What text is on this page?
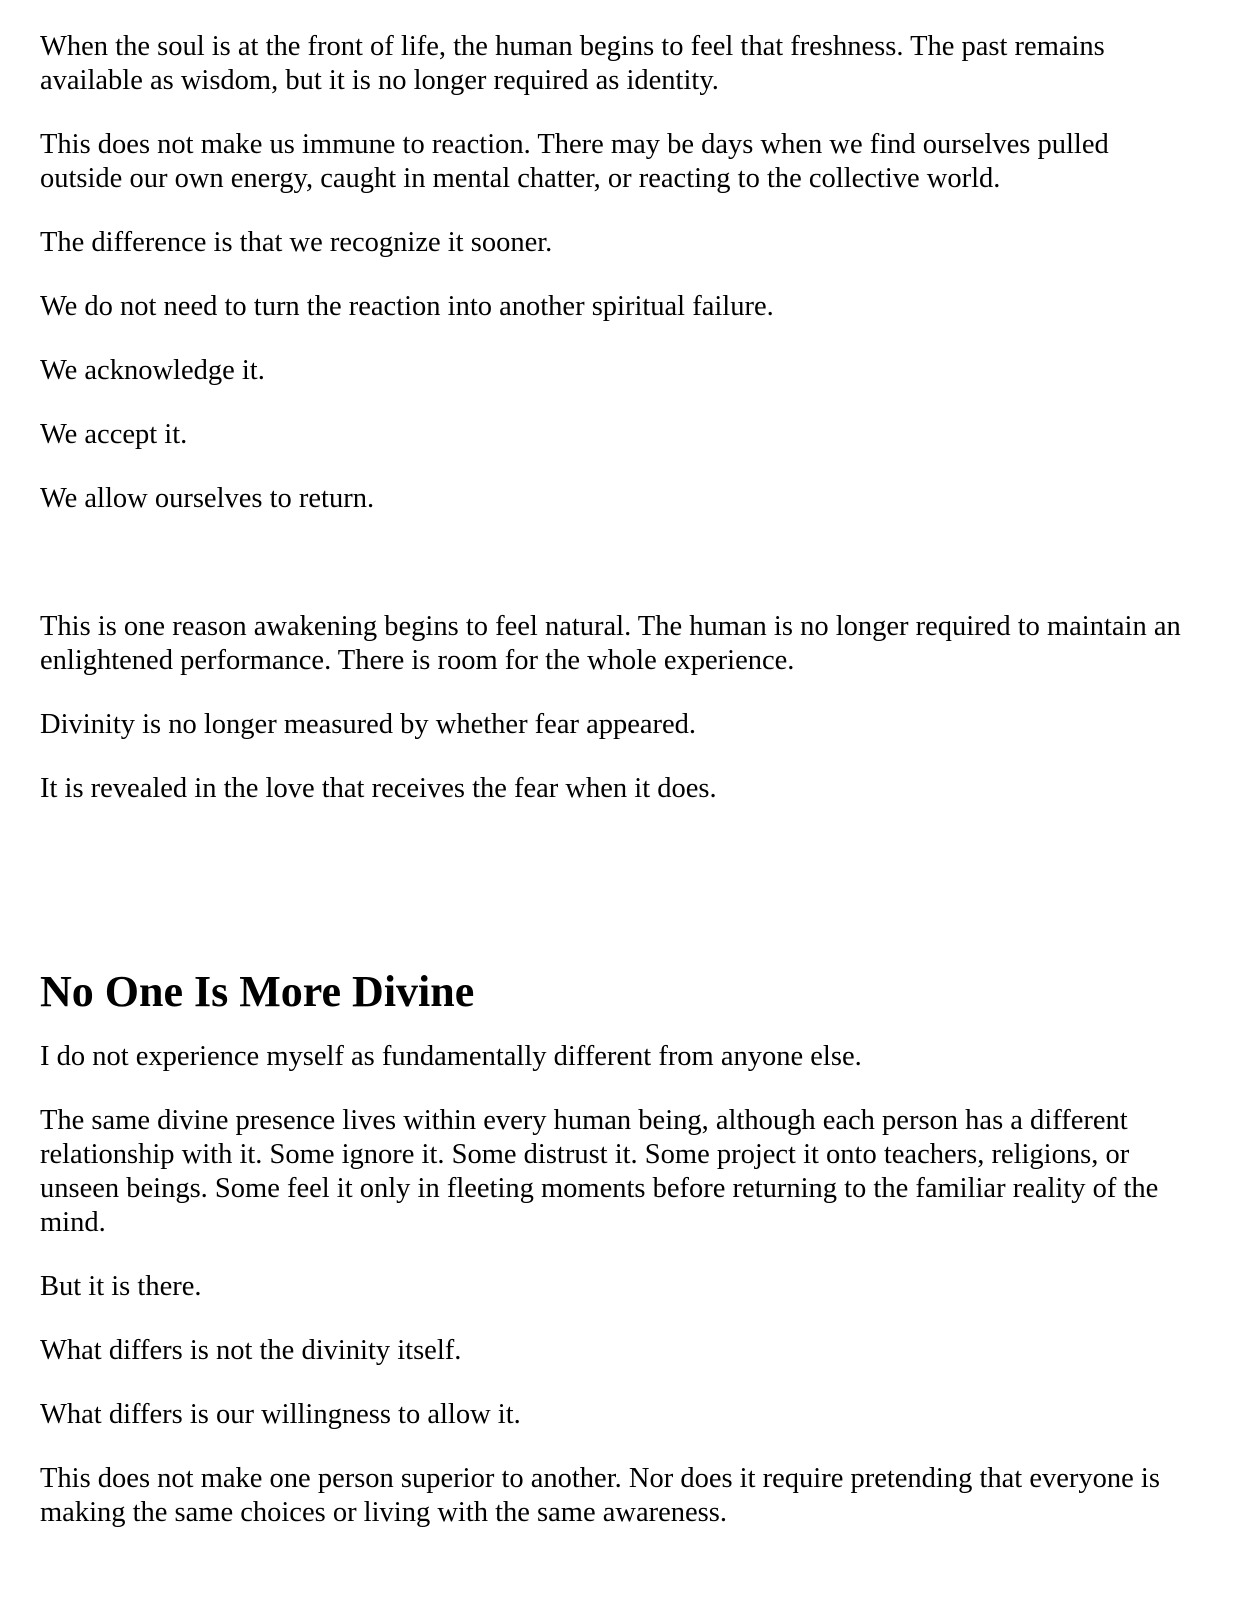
When the soul is at the front of life, the human begins to feel that freshness. The past remains available as wisdom, but it is no longer required as identity.

This does not make us immune to reaction. There may be days when we find ourselves pulled outside our own energy, caught in mental chatter, or reacting to the collective world.

The difference is that we recognize it sooner.

We do not need to turn the reaction into another spiritual failure.

We acknowledge it.

We accept it.

We allow ourselves to return.

This is one reason awakening begins to feel natural. The human is no longer required to maintain an enlightened performance. There is room for the whole experience.

Divinity is no longer measured by whether fear appeared.

It is revealed in the love that receives the fear when it does.

No One Is More Divine

I do not experience myself as fundamentally different from anyone else.

The same divine presence lives within every human being, although each person has a different relationship with it. Some ignore it. Some distrust it. Some project it onto teachers, religions, or unseen beings. Some feel it only in fleeting moments before returning to the familiar reality of the mind.

But it is there.

What differs is not the divinity itself.

What differs is our willingness to allow it.

This does not make one person superior to another. Nor does it require pretending that everyone is making the same choices or living with the same awareness.
